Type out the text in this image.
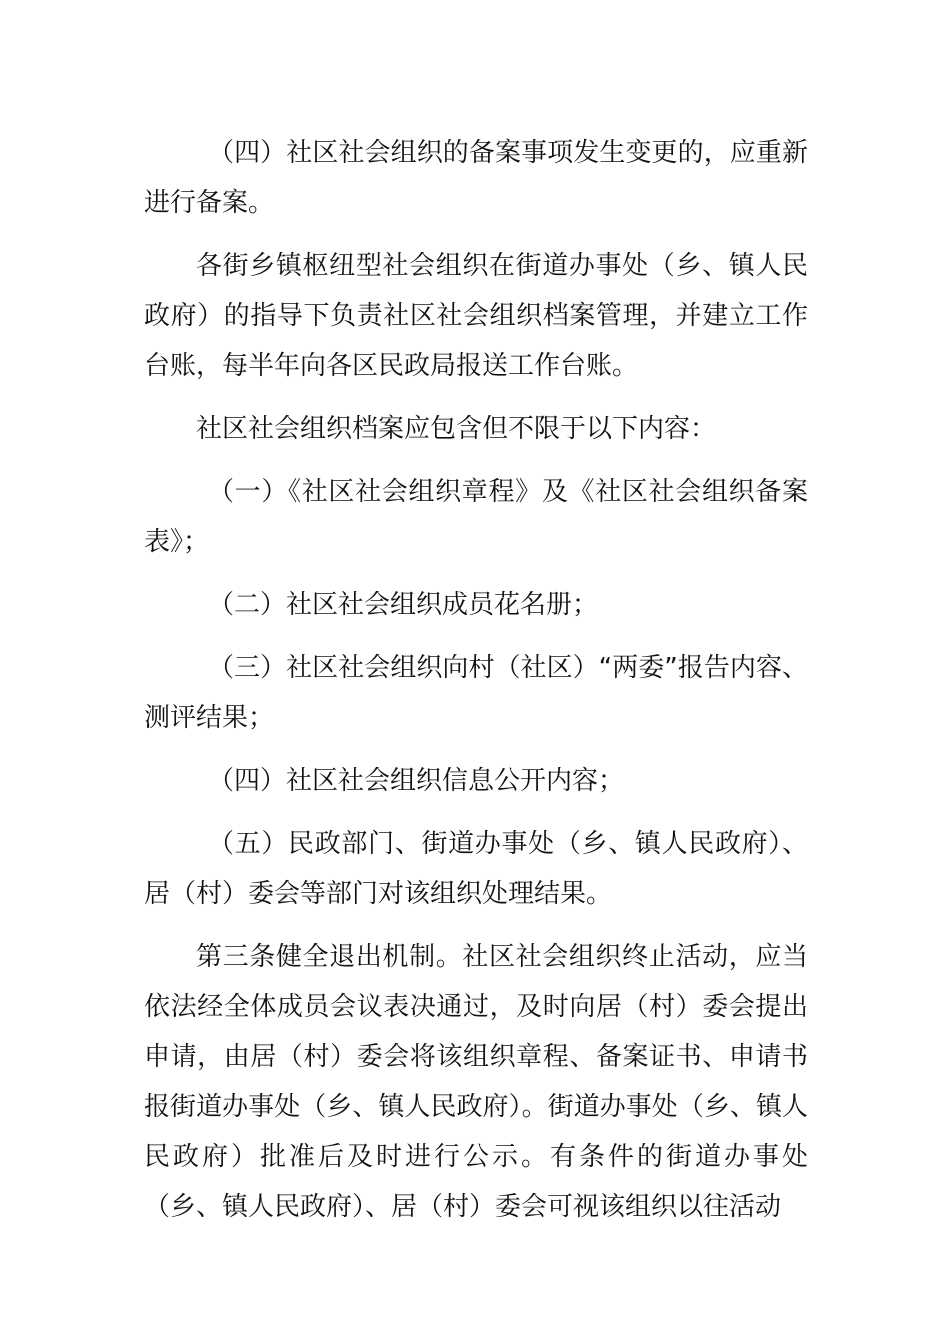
（四）社区社会组织的备案事项发生变更的，应重新进行备案。

各街乡镇枢纽型社会组织在街道办事处（乡、镇人民政府）的指导下负责社区社会组织档案管理，并建立工作台账，每半年向各区民政局报送工作台账。

社区社会组织档案应包含但不限于以下内容：

（一）《社区社会组织章程》及《社区社会组织备案表》；

（二）社区社会组织成员花名册；

（三）社区社会组织向村（社区）“两委”报告内容、测评结果；

（四）社区社会组织信息公开内容；

（五）民政部门、街道办事处（乡、镇人民政府）、居（村）委会等部门对该组织处理结果。

第三条健全退出机制。社区社会组织终止活动，应当依法经全体成员会议表决通过，及时向居（村）委会提出申请，由居（村）委会将该组织章程、备案证书、申请书报街道办事处（乡、镇人民政府）。街道办事处（乡、镇人民政府）批准后及时进行公示。有条件的街道办事处（乡、镇人民政府）、居（村）委会可视该组织以往活动
